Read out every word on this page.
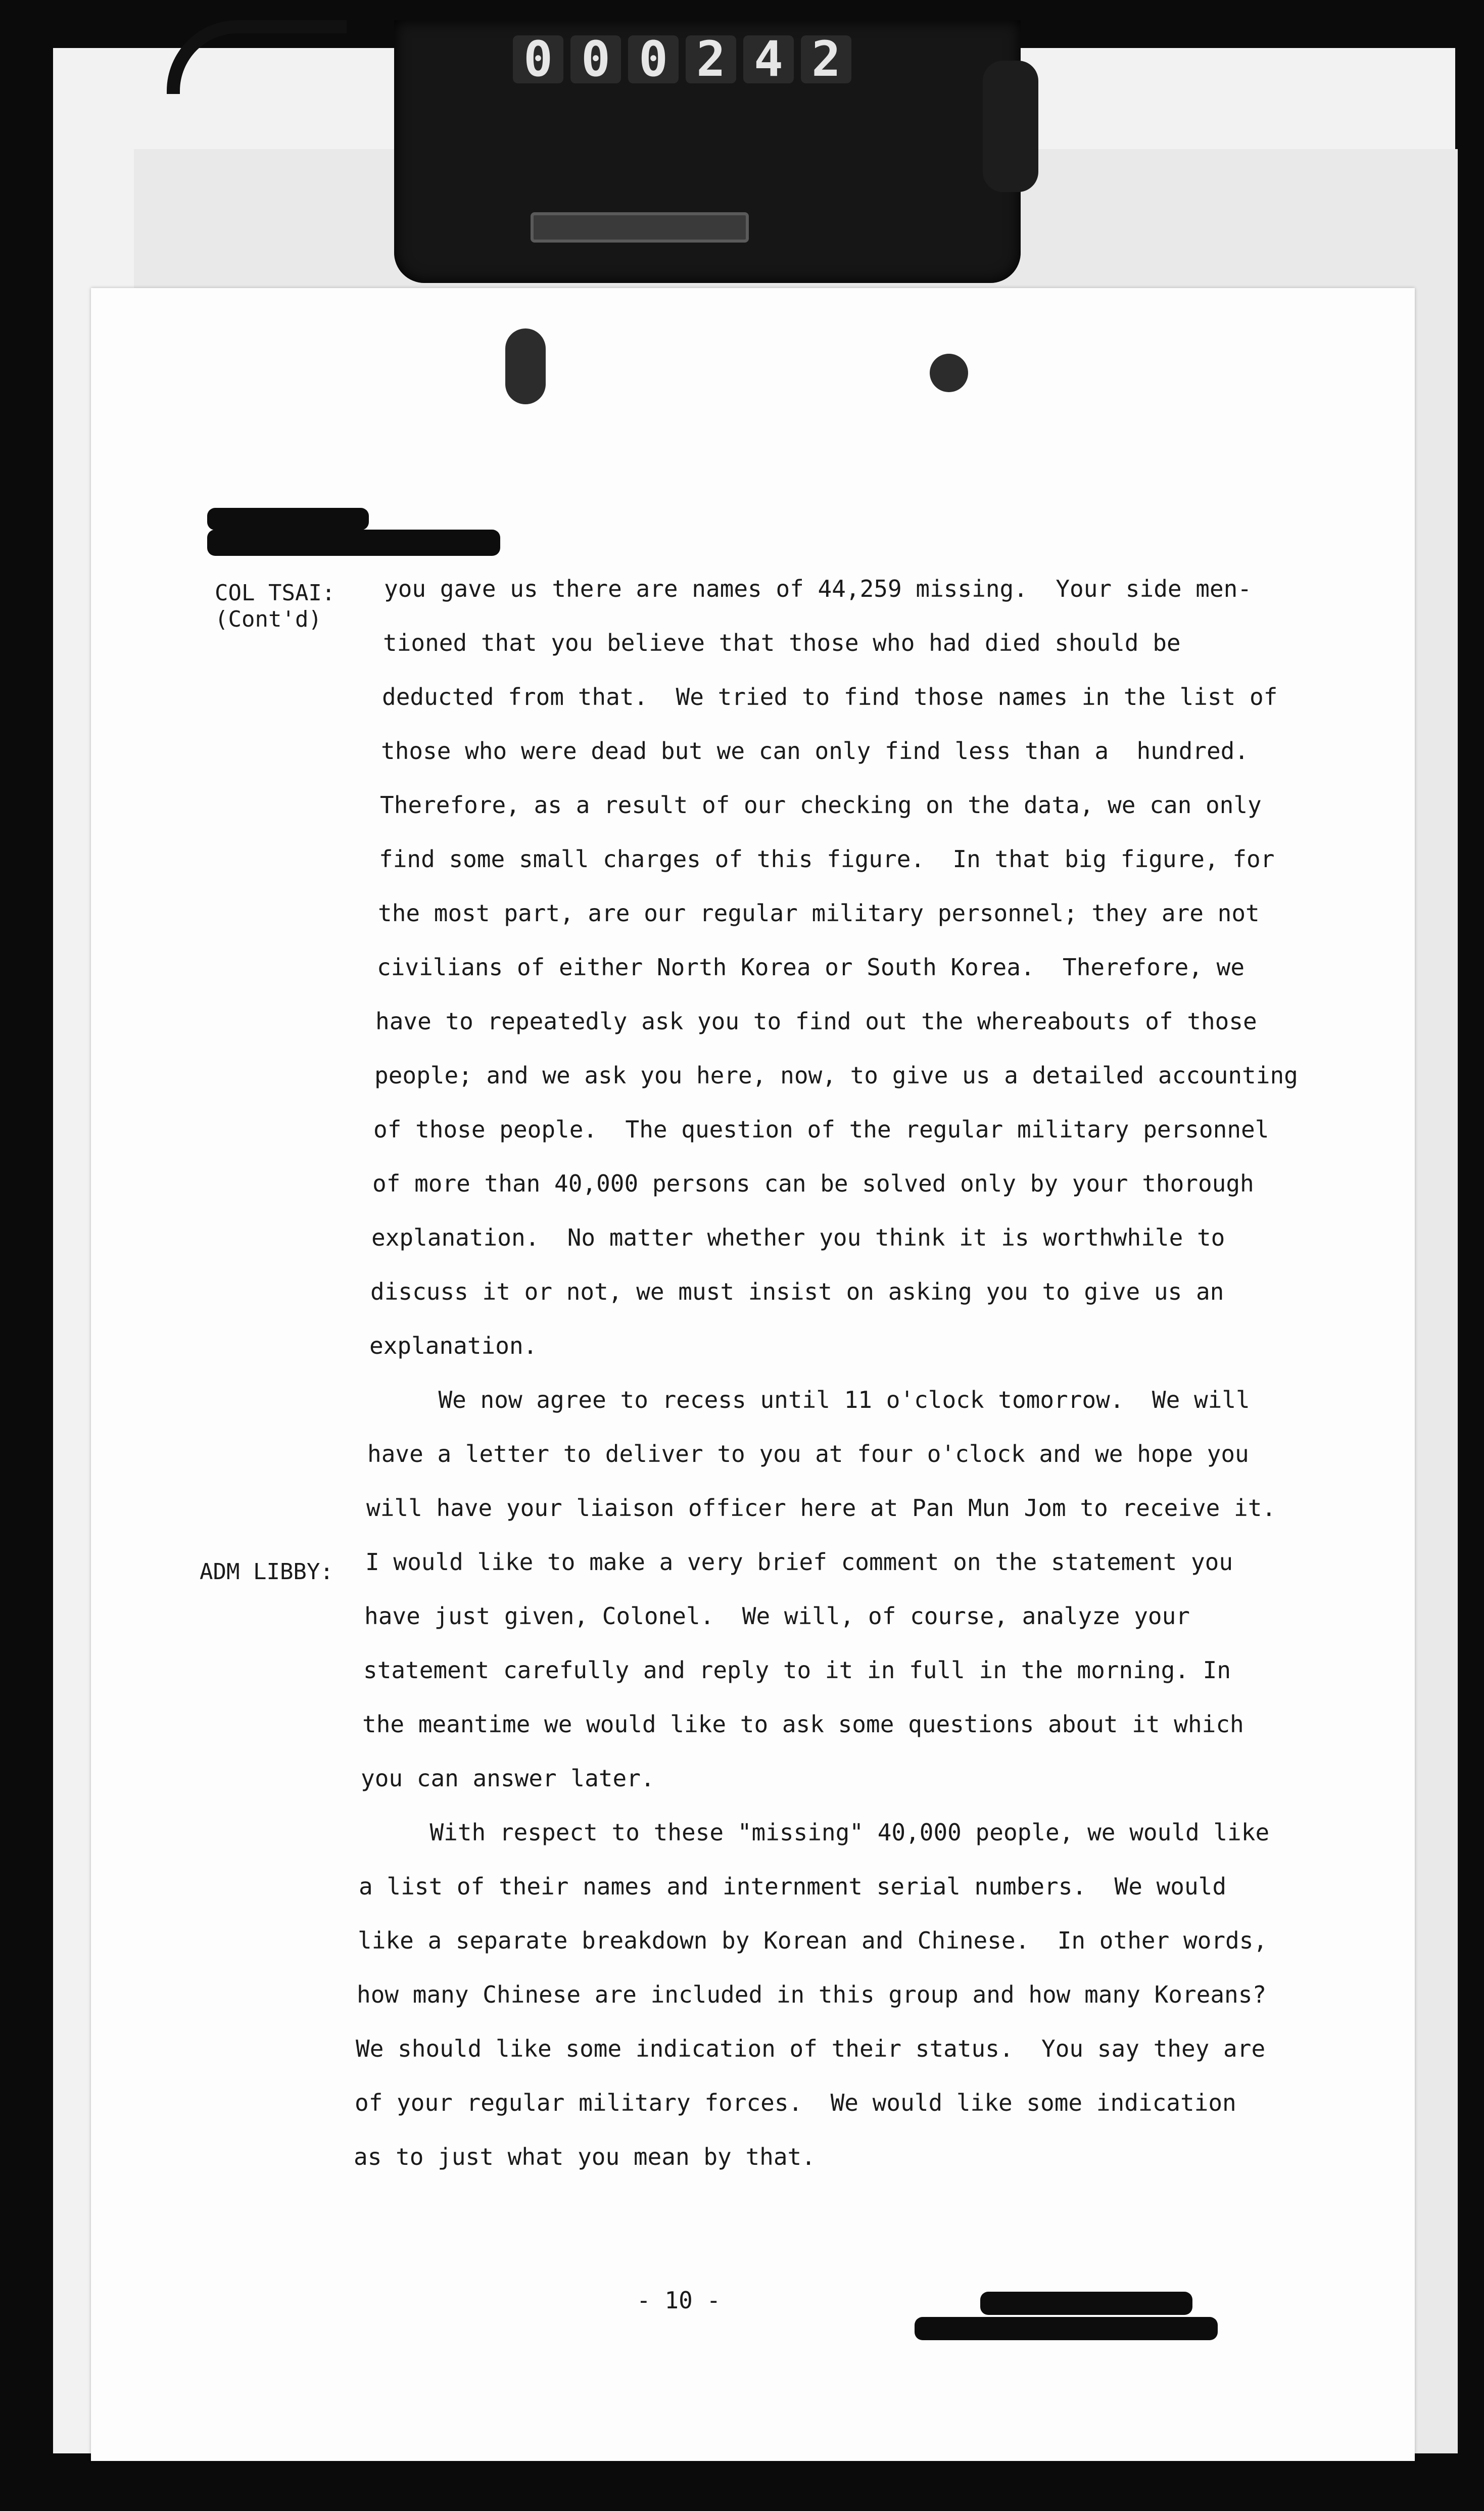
0 0 0 2 4 2
COL TSAI:
(Cont'd)
ADM LIBBY:
you gave us there are names of 44,259 missing.  Your side men-
tioned that you believe that those who had died should be
deducted from that.  We tried to find those names in the list of
those who were dead but we can only find less than a  hundred.
Therefore, as a result of our checking on the data, we can only
find some small charges of this figure.  In that big figure, for
the most part, are our regular military personnel; they are not
civilians of either North Korea or South Korea.  Therefore, we
have to repeatedly ask you to find out the whereabouts of those
people; and we ask you here, now, to give us a detailed accounting
of those people.  The question of the regular military personnel
of more than 40,000 persons can be solved only by your thorough
explanation.  No matter whether you think it is worthwhile to
discuss it or not, we must insist on asking you to give us an
explanation.
We now agree to recess until 11 o'clock tomorrow.  We will
have a letter to deliver to you at four o'clock and we hope you
will have your liaison officer here at Pan Mun Jom to receive it.
I would like to make a very brief comment on the statement you
have just given, Colonel.  We will, of course, analyze your
statement carefully and reply to it in full in the morning. In
the meantime we would like to ask some questions about it which
you can answer later.
With respect to these "missing" 40,000 people, we would like
a list of their names and internment serial numbers.  We would
like a separate breakdown by Korean and Chinese.  In other words,
how many Chinese are included in this group and how many Koreans?
We should like some indication of their status.  You say they are
of your regular military forces.  We would like some indication
as to just what you mean by that.
- 10 -
